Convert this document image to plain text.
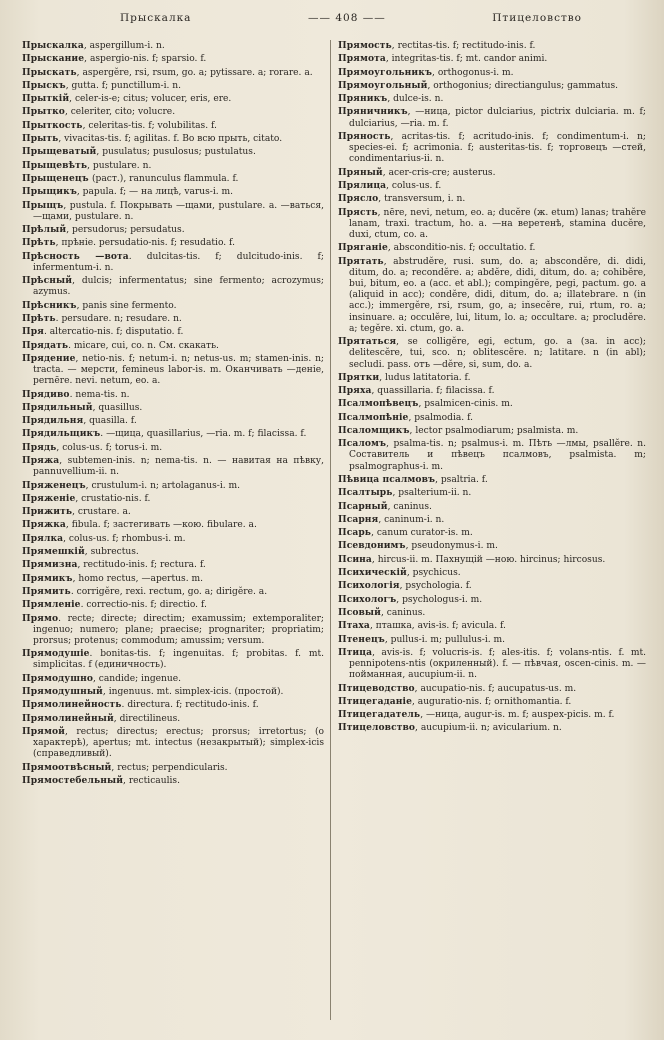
Прыскалка	—— 408 ——	Птицеловство

Прыскалка, aspergillum-i. n.

Прыскание, aspergio-nis. f; sparsio. f.

Прыскать, aspergĕre, rsi, rsum, go. a; pytissare. a; rorare. a.

Прыскъ, gutta. f; punctillum-i. n.

Прыткій, celer-is-e; citus; volucer, eris, ere.

Прытко, celeriter, cito; volucre.

Прыткость, celeritas-tis. f; volubilitas. f.

Прыть, vivacitas-tis. f; agilitas. f. Во всю прыть, citato.

Прыщеватый, pusulatus; pusulosus; pustulatus.

Прыщевѣть, pustulare. n.

Прыщенецъ (раст.), ranunculus flammula. f.

Прыщикъ, papula. f; — на лицѣ, varus-i. m.

Прыщъ, pustula. f. Покрывать —щами, pustulare. a. —ваться, —щами, pustulare. n.

Прѣлый, persudorus; persudatus.

Прѣть, прѣніе. persudatio-nis. f; resudatio. f.

Прѣсность —вота. dulcitas-tis. f; dulcitudo-inis. f; infermentum-i. n.

Прѣсный, dulcis; infermentatus; sine fermento; acrozymus; azymus.

Прѣсникъ, panis sine fermento.

Прѣть. persudare. n; resudare. n.

Пря. altercatio-nis. f; disputatio. f.

Прядать. micare, cui, co. n. См. скакать.

Прядение, netio-nis. f; netum-i. n; netus-us. m; stamen-inis. n; tracta. — мерсти, femineus labor-is. m. Оканчивать —деніе, pernēre. nevi. netum, eo. a.

Прядиво. nema-tis. n.

Прядильный, quasillus.

Прядильня, quasilla. f.

Прядильщикъ. —щица, quasillarius, —ria. m. f; filacissa. f.

Прядь, colus-us. f; torus-i. m.

Пряжа, subtemen-inis. n; nema-tis. n. — навитая на пѣвку, pannuvellium-ii. n.

Пряженецъ, crustulum-i. n; artolaganus-i. m.

Пряженіе, crustatio-nis. f.

Прижить, crustare. a.

Пряжка, fibula. f; застегивать —кою. fibulare. a.

Прялка, colus-us. f; rhombus-i. m.

Прямешкій, subrectus.

Прямизна, rectitudo-inis. f; rectura. f.

Прямикъ, homo rectus, —apertus. m.

Прямить. corrigĕre, rexi. rectum, go. a; dirigĕre. a.

Прямленіе. correctio-nis. f; directio. f.

Прямо. recte; directe; directim; examussim; extemporaliter; ingenuo; numero; plane; praecise; prognariter; propriatim; prorsus; protenus; commodum; amussim; versum.

Прямодушіе. bonitas-tis. f; ingenuitas. f; probitas. f. mt. simplicitas. f (единичность).

Прямодушно, candide; ingenue.

Прямодушный, ingenuus. mt. simplex-icis. (простой).

Прямолинейность. directura. f; rectitudo-inis. f.

Прямолинейный, directilineus.

Прямой, rectus; directus; erectus; prorsus; irretortus; (о характерѣ), apertus; mt. intectus (незакрытый); simplex-icis (справедливый).

Прямоотвѣсный, rectus; perpendicularis.

Прямостебельный, recticaulis.

Прямость, rectitas-tis. f; rectitudo-inis. f.

Прямота, integritas-tis. f; mt. candor animi.

Прямоугольникъ, orthogonus-i. m.

Прямоугольный, orthogonius; directiangulus; gammatus.

Пряникъ, dulce-is. n.

Пряничникъ, —ница, pictor dulciarius, pictrix dulciaria. m. f; dulciarius, —ria. m. f.

Пряность, acritas-tis. f; acritudo-inis. f; condimentum-i. n; species-ei. f; acrimonia. f; austeritas-tis. f; торговецъ —стей, condimentarius-ii. n.

Пряный, acer-cris-cre; austerus.

Прялица, colus-us. f.

Прясло, transversum, i. n.

Прясть, nēre, nevi, netum, eo. a; ducĕre (ж. etum) lanas; trahĕre lanam, traxi. tractum, ho. a. —на веретенѣ, stamina ducĕre, duxi, ctum, co. a.

Пряганіе, absconditio-nis. f; occultatio. f.

Прятать, abstrudĕre, rusi. sum, do. a; abscondĕre, di. didi, ditum, do. a; recondĕre. a; abdĕre, didi, ditum, do. a; cohibĕre, bui, bitum, eo. a (acc. et abl.); compingĕre, pegi, pactum. go. a (aliquid in acc); condĕre, didi, ditum, do. a; illatebrare. n (in acc.); immergĕre, rsi, rsum, go, a; insecĕre, rui, rtum, ro. a; insinuare. a; occulĕre, lui, litum, lo. a; occultare. a; procludĕre. a; tegĕre. xi. ctum, go. a.

Прятаться, se colligĕre, egi, ectum, go. a (за. in acc); delitescĕre, tui, sco. n; oblitescĕre. n; latitare. n (in abl); secludi. pass. отъ —dĕre, si, sum, do. a.

Прятки, ludus latitatoria. f.

Пряха, quassillaria. f; filacissa. f.

Псалмопѣвецъ, psalmicen-cinis. m.

Псалмопѣніе, psalmodia. f.

Псаломщикъ, lector psalmodiarum; psalmista. m.

Псаломъ, psalma-tis. n; psalmus-i. m. Пѣть —лмы, psallĕre. n. Составитель и пѣвецъ псалмовъ, psalmista. m; psalmographus-i. m.

Пѣвица псалмовъ, psaltria. f.

Псалтырь, psalterium-ii. n.

Псарный, caninus.

Псарня, caninum-i. n.

Псарь, canum curator-is. m.

Псевдонимъ, pseudonymus-i. m.

Псина, hircus-ii. m. Пахнущій —ною. hircinus; hircosus.

Психическій, psychicus.

Психологія, psychologia. f.

Психологъ, psychologus-i. m.

Псовый, caninus.

Птаха, пташка, avis-is. f; avicula. f.

Птенецъ, pullus-i. m; pullulus-i. m.

Птица, avis-is. f; volucris-is. f; ales-itis. f; volans-ntis. f. mt. pennipotens-ntis (окриленный). f. — пѣвчая, oscen-cinis. m. — пойманная, aucupium-ii. n.

Птицеводство, aucupatio-nis. f; aucupatus-us. m.

Птицегаданіе, auguratio-nis. f; ornithomantia. f.

Птицегадатель, —ница, augur-is. m. f; auspex-picis. m. f.

Птицеловство, aucupium-ii. n; avicularium. n.
